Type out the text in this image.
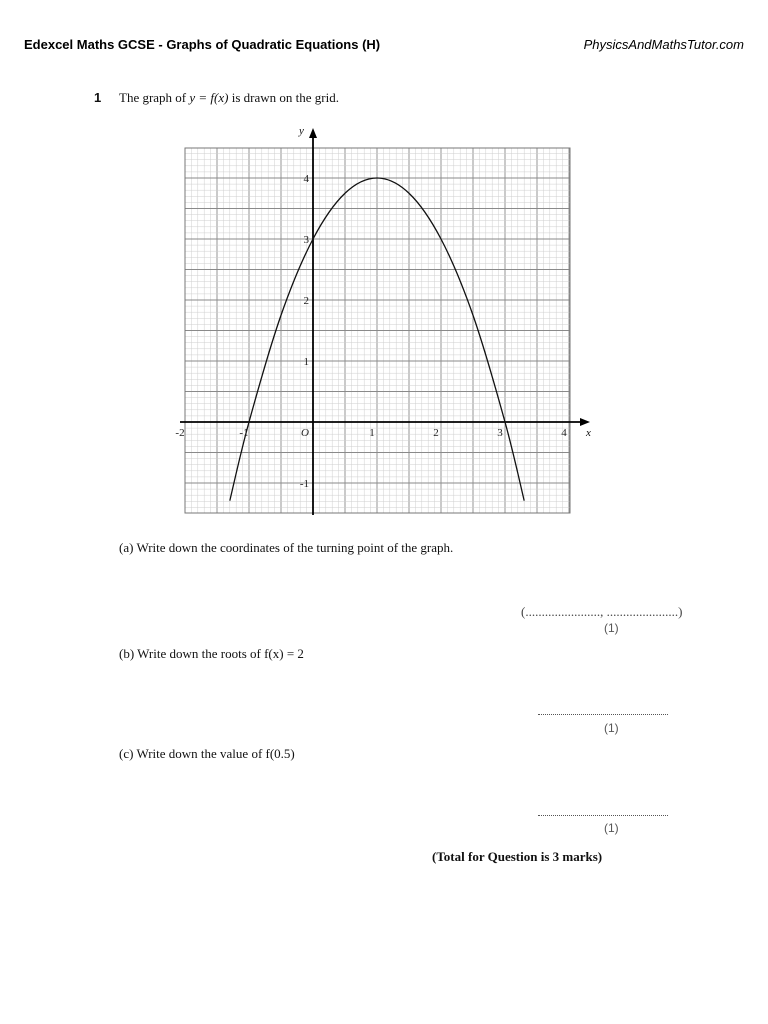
Edexcel Maths GCSE - Graphs of Quadratic Equations (H)	PhysicsAndMathsTutor.com
1 The graph of y = f(x) is drawn on the grid.
-2	-1	O	1	2	3	4
-1
1
2
3
4
x
y
(a) Write down the coordinates of the turning point of the graph.
(......................., ......................)
(1)
(b) Write down the roots of f(x) = 2
(1)
(c) Write down the value of f(0.5)
(1)
(Total for Question is 3 marks)
